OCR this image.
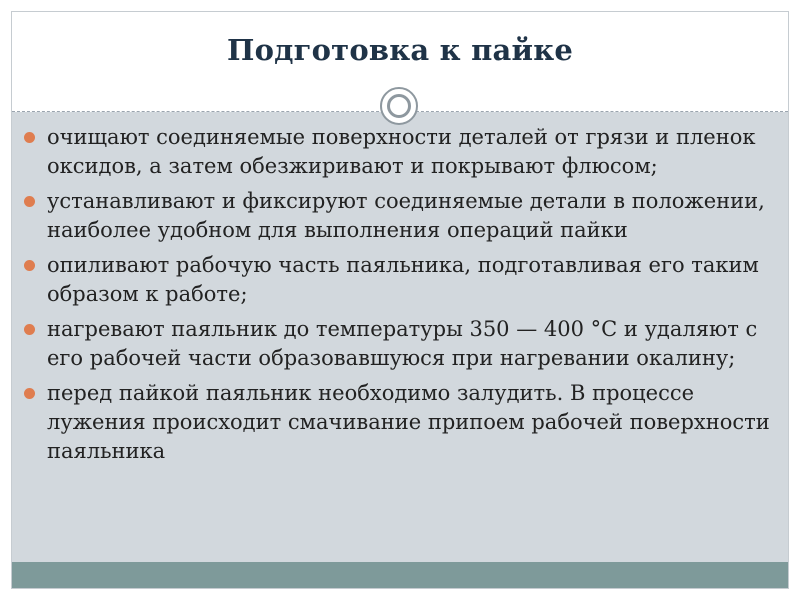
Подготовка к пайке
очищают соединяемые поверхности деталей от грязи и пленок оксидов, а затем обезжиривают и покрывают флюсом;
устанавливают и фиксируют соединяемые детали в положении, наиболее удобном для выполнения операций пайки
опиливают рабочую часть паяльника, подготавливая его таким образом к работе;
нагревают паяльник до температуры 350 — 400 °С и удаляют с его рабочей части образовавшуюся при нагревании окалину;
перед пайкой паяльник необходимо залудить. В процессе лужения происходит смачивание припоем рабочей поверхности паяльника
